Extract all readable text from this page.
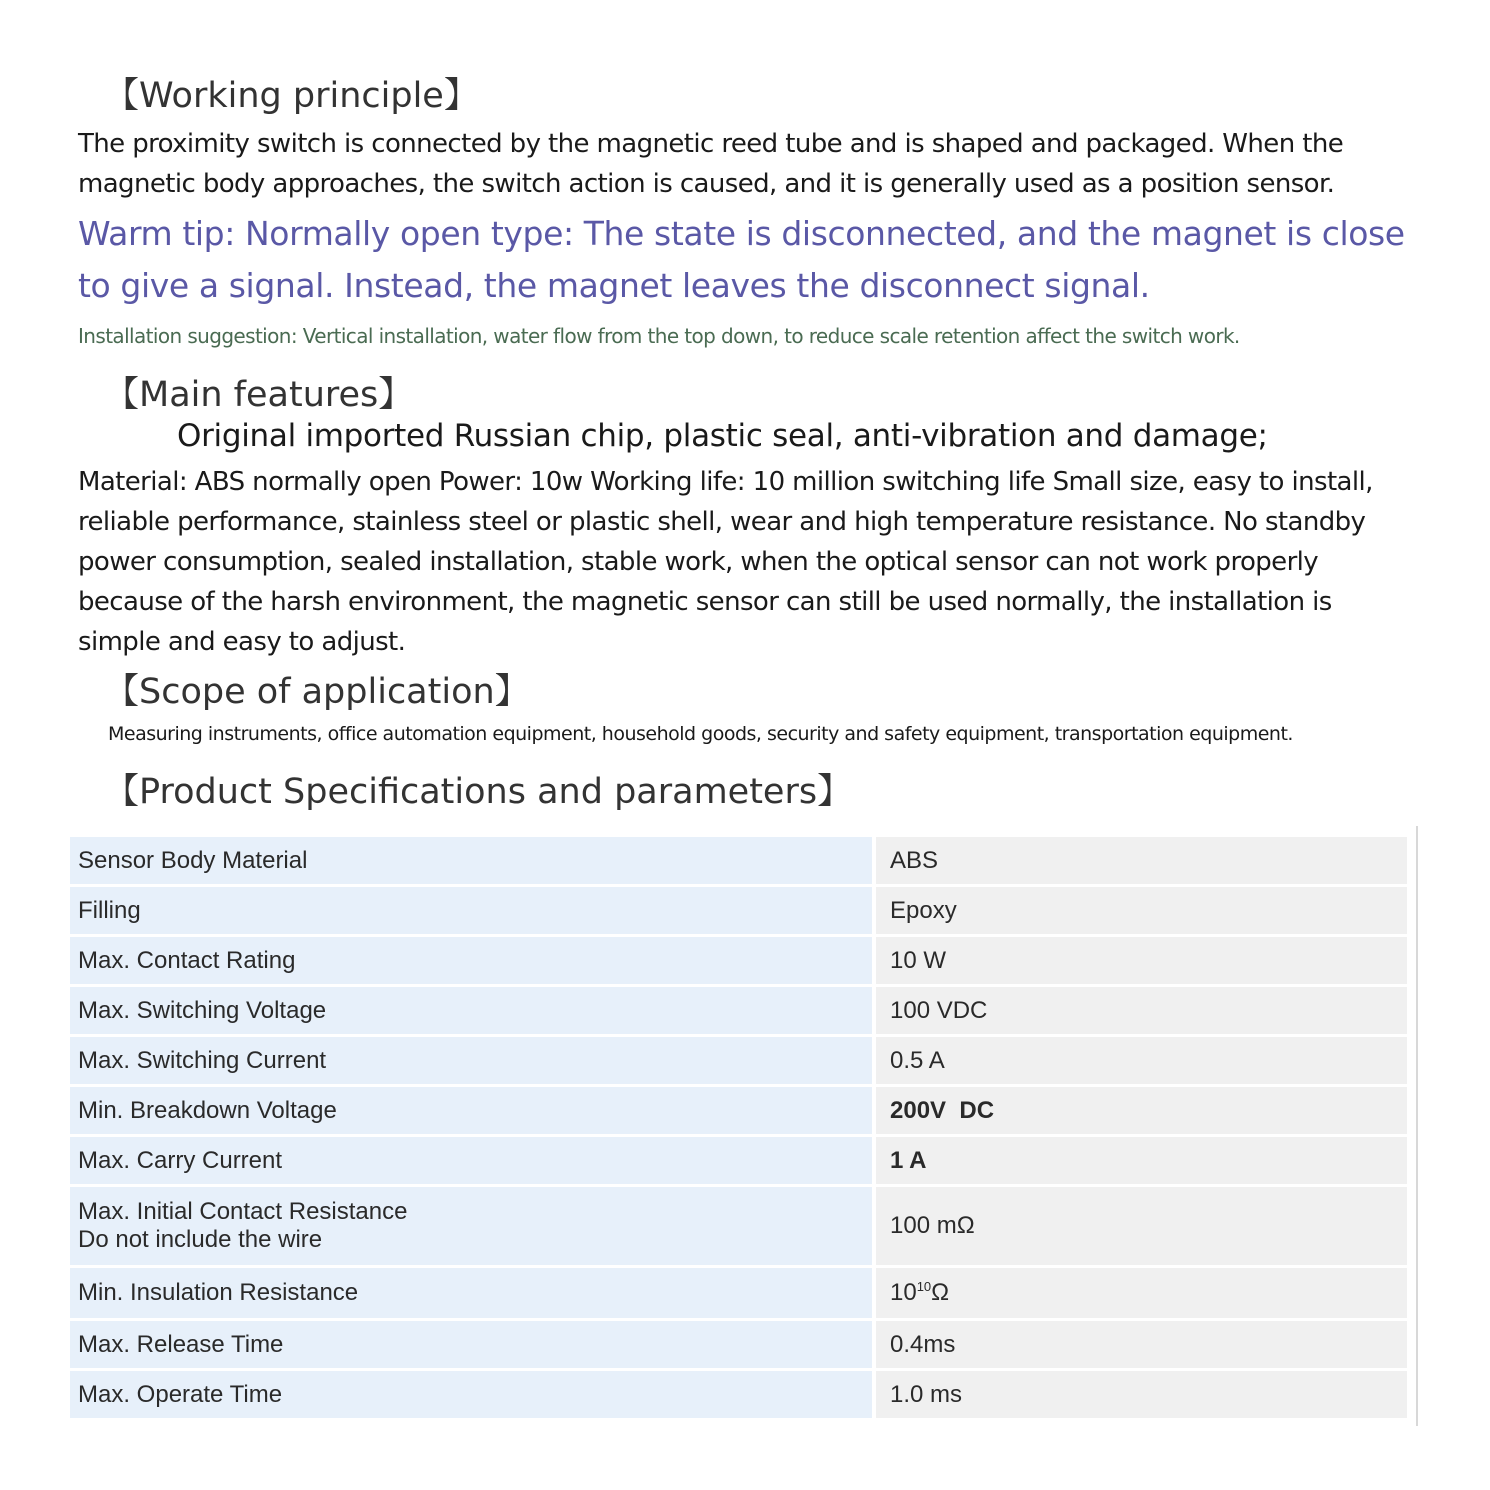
【Working principle】
The proximity switch is connected by the magnetic reed tube and is shaped and packaged. When the magnetic body approaches, the switch action is caused, and it is generally used as a position sensor.
Warm tip: Normally open type: The state is disconnected, and the magnet is close to give a signal. Instead, the magnet leaves the disconnect signal.
Installation suggestion: Vertical installation, water flow from the top down, to reduce scale retention affect the switch work.
【Main features】
Original imported Russian chip, plastic seal, anti-vibration and damage;
Material: ABS normally open Power: 10w Working life: 10 million switching life Small size, easy to install, reliable performance, stainless steel or plastic shell, wear and high temperature resistance. No standby power consumption, sealed installation, stable work, when the optical sensor can not work properly because of the harsh environment, the magnetic sensor can still be used normally, the installation is simple and easy to adjust.
【Scope of application】
Measuring instruments, office automation equipment, household goods, security and safety equipment, transportation equipment.
【Product Specifications and parameters】
Sensor Body Material	ABS
Filling	Epoxy
Max. Contact Rating	10 W
Max. Switching Voltage	100 VDC
Max. Switching Current	0.5 A
Min. Breakdown Voltage	200V  DC
Max. Carry Current	1 A

Max. Initial Contact Resistance
Do not include the wire	100 mΩ
Min. Insulation Resistance	$10^{10}\Omega$
Max. Release Time	0.4ms
Max. Operate Time	1.0 ms
